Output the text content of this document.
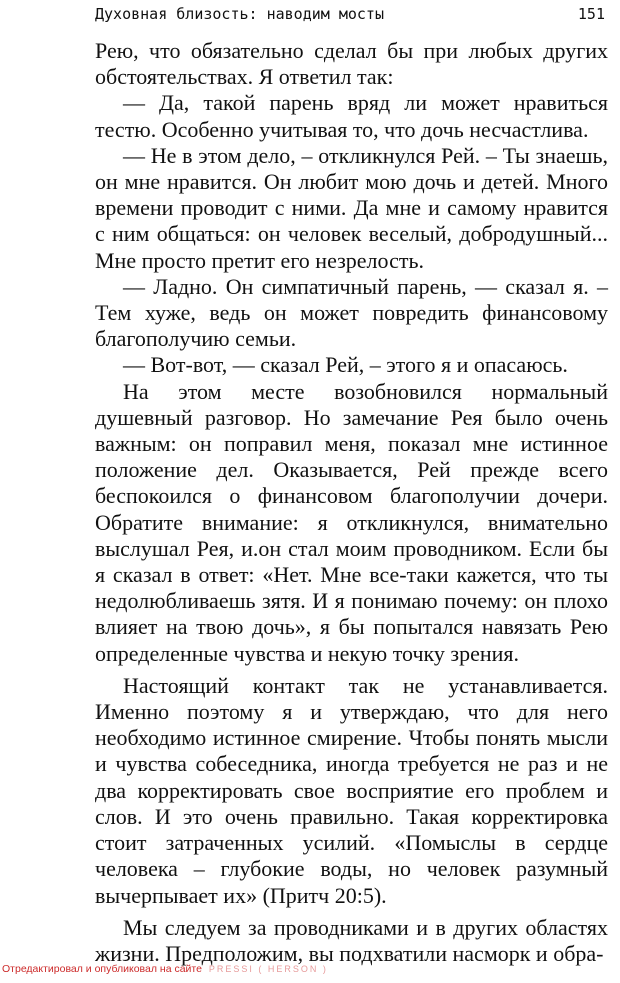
Духовная близость: наводим мосты	151

Рею, что обязательно сделал бы при любых других обстоятельствах. Я ответил так:

— Да, такой парень вряд ли может нравиться тестю. Особенно учитывая то, что дочь несчастлива.

— Не в этом дело, – откликнулся Рей. – Ты знаешь, он мне нравится. Он любит мою дочь и детей. Много времени проводит с ними. Да мне и самому нравится с ним общаться: он человек веселый, добродушный... Мне просто претит его незрелость.

— Ладно. Он симпатичный парень, — сказал я. – Тем хуже, ведь он может повредить финансовому благополучию семьи.

— Вот-вот, — сказал Рей, – этого я и опасаюсь.

На этом месте возобновился нормальный душевный разговор. Но замечание Рея было очень важным: он поправил меня, показал мне истинное положение дел. Оказывается, Рей прежде всего беспокоился о финансовом благополучии дочери. Обратите внимание: я откликнулся, внимательно выслушал Рея, и.он стал моим проводником. Если бы я сказал в ответ: «Нет. Мне все-таки кажется, что ты недолюбливаешь зятя. И я понимаю почему: он плохо влияет на твою дочь», я бы попытался навязать Рею определенные чувства и некую точку зрения.

Настоящий контакт так не устанавливается. Именно поэтому я и утверждаю, что для него необходимо истинное смирение. Чтобы понять мысли и чувства собеседника, иногда требуется не раз и не два корректировать свое восприятие его проблем и слов. И это очень правильно. Такая корректировка стоит затраченных усилий. «Помыслы в сердце человека – глубокие воды, но человек разумный вычерпывает их» (Притч 20:5).

Мы следуем за проводниками и в других областях жизни. Предположим, вы подхватили насморк и обра-

Отредактировал и опубликовал на сайте PRESSI ( HERSON )
